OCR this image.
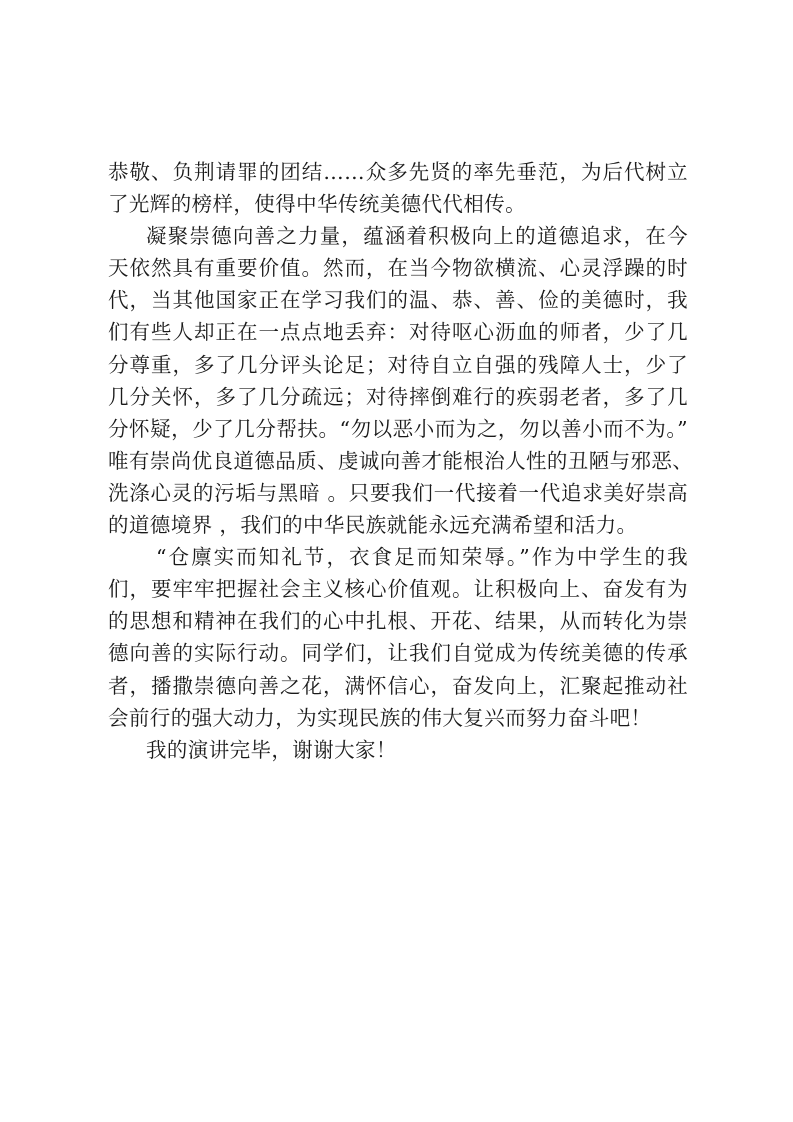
恭敬、负荆请罪的团结……众多先贤的率先垂范，为后代树立
了光辉的榜样，使得中华传统美德代代相传。
凝聚崇德向善之力量，蕴涵着积极向上的道德追求，在今
天依然具有重要价值。然而，在当今物欲横流、心灵浮躁的时
代，当其他国家正在学习我们的温、恭、善、俭的美德时，我
们有些人却正在一点点地丢弃：对待呕心沥血的师者，少了几
分尊重，多了几分评头论足；对待自立自强的残障人士，少了
几分关怀，多了几分疏远；对待摔倒难行的疾弱老者，多了几
分怀疑，少了几分帮扶。“勿以恶小而为之，勿以善小而不为。”
唯有崇尚优良道德品质、虔诚向善才能根治人性的丑陋与邪恶、
洗涤心灵的污垢与黑暗 。只要我们一代接着一代追求美好崇高
的道德境界 ，我们的中华民族就能永远充满希望和活力。
“仓廪实而知礼节，衣食足而知荣辱。”作为中学生的我
们，要牢牢把握社会主义核心价值观。让积极向上、奋发有为
的思想和精神在我们的心中扎根、开花、结果，从而转化为崇
德向善的实际行动。同学们，让我们自觉成为传统美德的传承
者，播撒崇德向善之花，满怀信心，奋发向上，汇聚起推动社
会前行的强大动力，为实现民族的伟大复兴而努力奋斗吧！
我的演讲完毕，谢谢大家！
